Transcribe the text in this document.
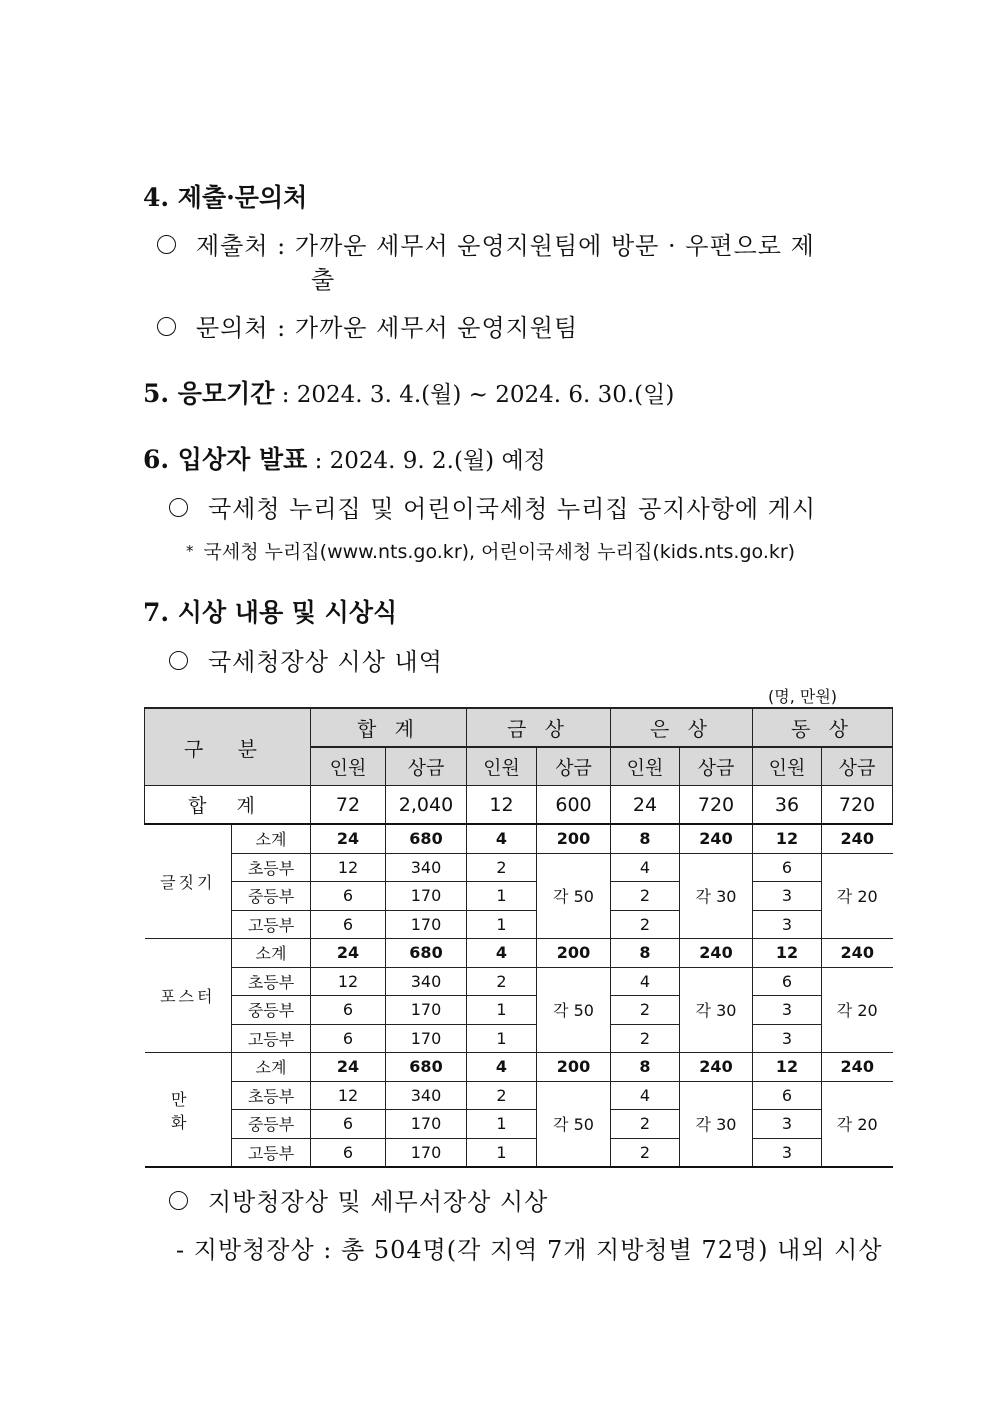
4. 제출·문의처
제출처 : 가까운 세무서 운영지원팀에 방문 · 우편으로 제
출
문의처 : 가까운 세무서 운영지원팀
5. 응모기간 : 2024. 3. 4.(월) ~ 2024. 6. 30.(일)
6. 입상자 발표 : 2024. 9. 2.(월) 예정
국세청 누리집 및 어린이국세청 누리집 공지사항에 게시
* 국세청 누리집(www.nts.go.kr), 어린이국세청 누리집(kids.nts.go.kr)
7. 시상 내용 및 시상식
국세청장상 시상 내역
(명, 만원)
구 분		합 계		금 상		은 상		동 상	
		인원	상금	인원	상금	인원	상금	인원	상금
합 계		72	2,040	12	600	24	720	36	720
글짓기	소계	24	680	4	200	8	240	12	240
	초등부	12	340	2	각 50	4	각 30	6	각 20
	중등부	6	170	1		2		3	
	고등부	6	170	1		2		3	
포스터	소계	24	680	4	200	8	240	12	240
	초등부	12	340	2	각 50	4	각 30	6	각 20
	중등부	6	170	1		2		3	
	고등부	6	170	1		2		3	
만 화	소계	24	680	4	200	8	240	12	240
	초등부	12	340	2	각 50	4	각 30	6	각 20
	중등부	6	170	1		2		3	
	고등부	6	170	1		2		3	
지방청장상 및 세무서장상 시상
- 지방청장상 : 총 504명(각 지역 7개 지방청별 72명) 내외 시상
